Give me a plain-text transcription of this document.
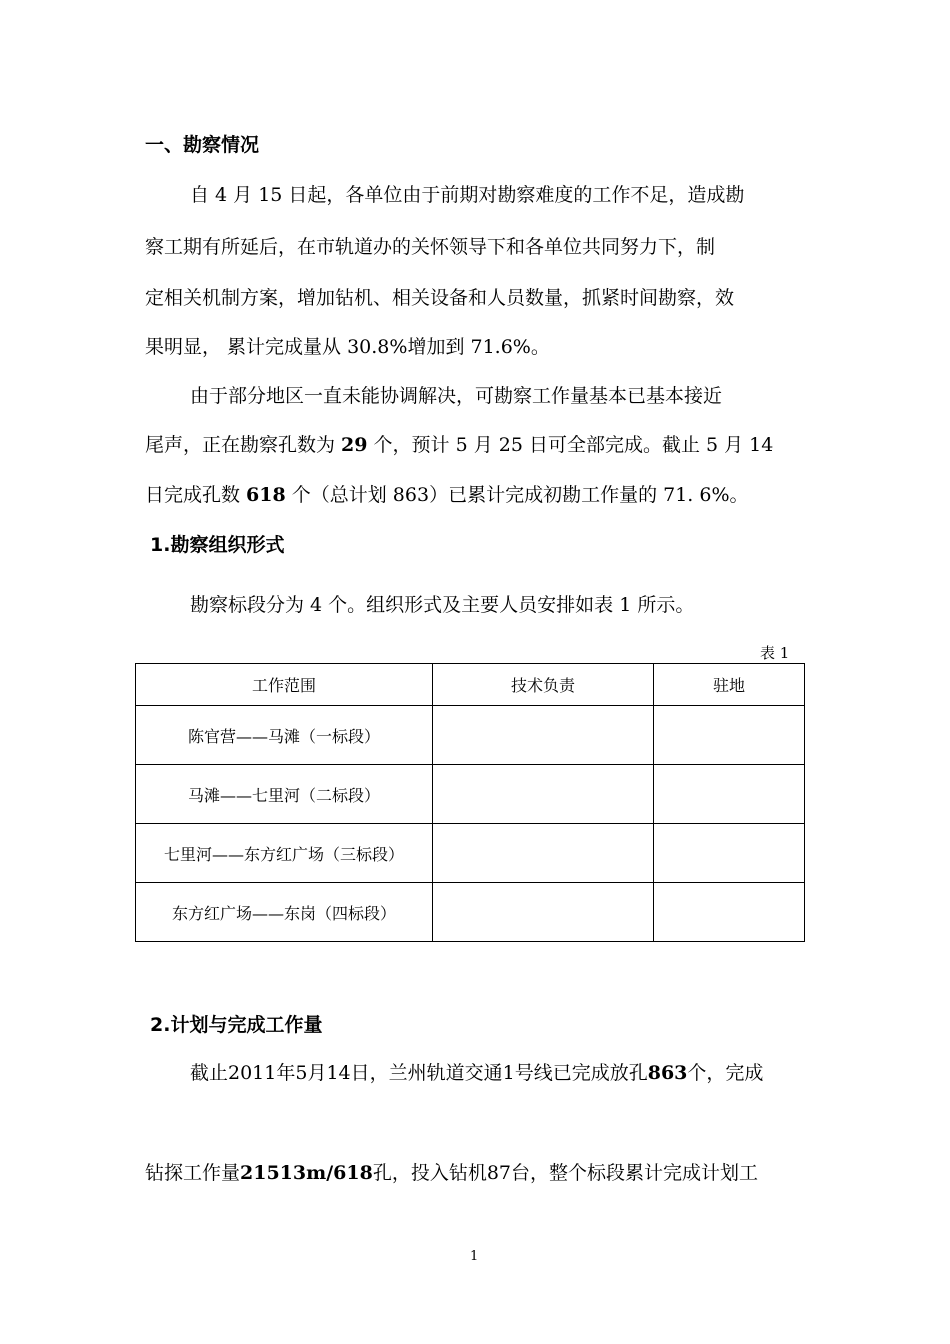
一、勘察情况
自 4 月 15 日起，各单位由于前期对勘察难度的工作不足，造成勘
察工期有所延后，在市轨道办的关怀领导下和各单位共同努力下，制
定相关机制方案，增加钻机、相关设备和人员数量，抓紧时间勘察，效
果明显， 累计完成量从 30.8%增加到 71.6%。
由于部分地区一直未能协调解决，可勘察工作量基本已基本接近
尾声，正在勘察孔数为 29 个，预计 5 月 25 日可全部完成。截止 5 月 14
日完成孔数 618 个（总计划 863）已累计完成初勘工作量的 71. 6%。
1.勘察组织形式
勘察标段分为 4 个。组织形式及主要人员安排如表 1 所示。
表 1
工作范围	技术负责	驻地
陈官营——马滩（一标段）		
马滩——七里河（二标段）		
七里河——东方红广场（三标段）		
东方红广场——东岗（四标段）		
2.计划与完成工作量
截止2011年5月14日，兰州轨道交通1号线已完成放孔863个，完成
钻探工作量21513m/618孔，投入钻机87台，整个标段累计完成计划工
1
